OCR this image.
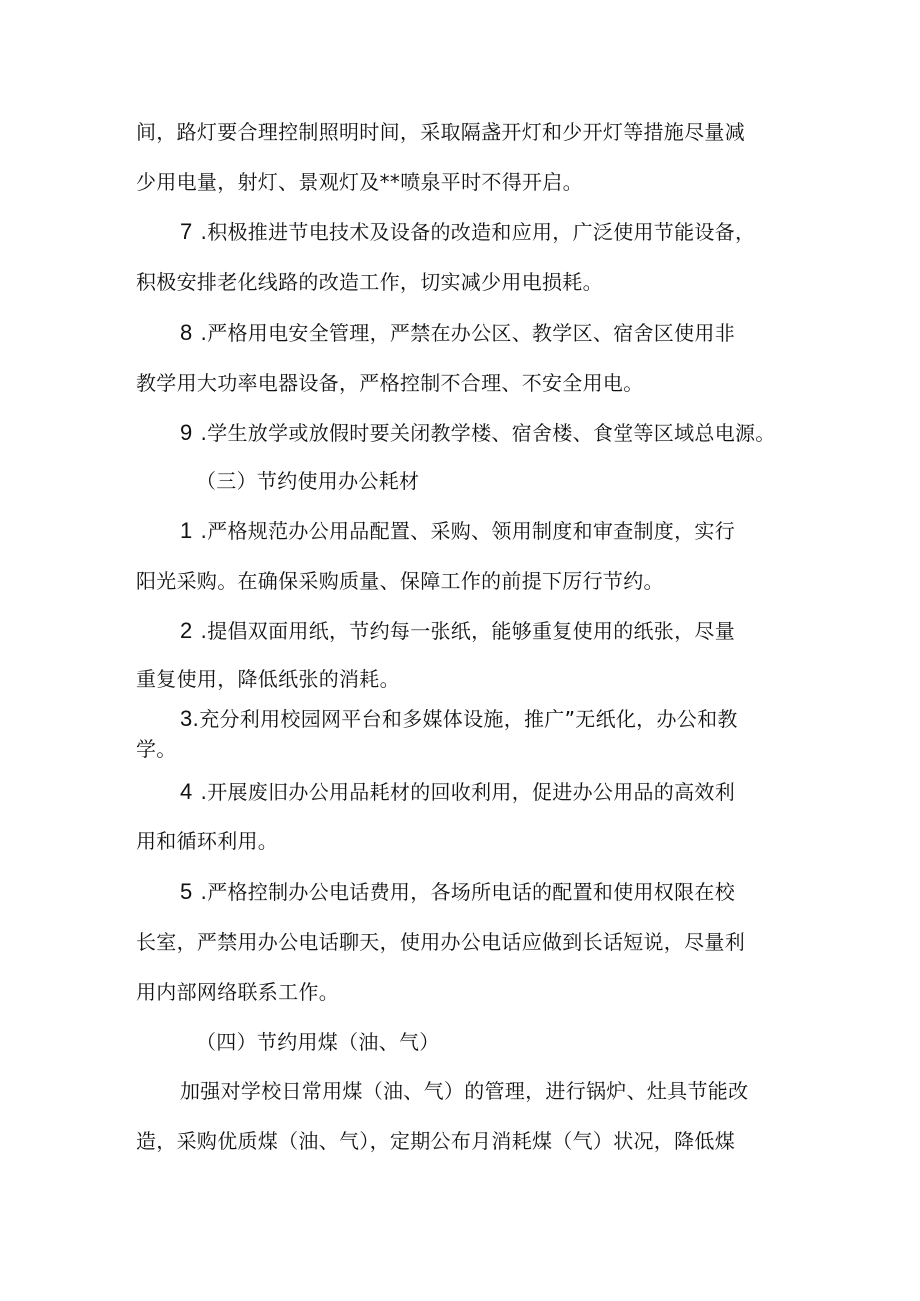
间，路灯要合理控制照明时间，采取隔盏开灯和少开灯等措施尽量减

少用电量，射灯、景观灯及**喷泉平时不得开启。

7 .积极推进节电技术及设备的改造和应用，广泛使用节能设备，

积极安排老化线路的改造工作，切实减少用电损耗。

8 .严格用电安全管理，严禁在办公区、教学区、宿舍区使用非

教学用大功率电器设备，严格控制不合理、不安全用电。

9 .学生放学或放假时要关闭教学楼、宿舍楼、食堂等区域总电源。

（三）节约使用办公耗材

1 .严格规范办公用品配置、采购、领用制度和审查制度，实行

阳光采购。在确保采购质量、保障工作的前提下厉行节约。

2 .提倡双面用纸，节约每一张纸，能够重复使用的纸张，尽量

重复使用，降低纸张的消耗。

3.充分利用校园网平台和多媒体设施，推广”无纸化，办公和教

学。

4 .开展废旧办公用品耗材的回收利用，促进办公用品的高效利

用和循环利用。

5 .严格控制办公电话费用，各场所电话的配置和使用权限在校

长室，严禁用办公电话聊天，使用办公电话应做到长话短说，尽量利

用内部网络联系工作。

（四）节约用煤（油、气）

加强对学校日常用煤（油、气）的管理，进行锅炉、灶具节能改

造，采购优质煤（油、气），定期公布月消耗煤（气）状况，降低煤
